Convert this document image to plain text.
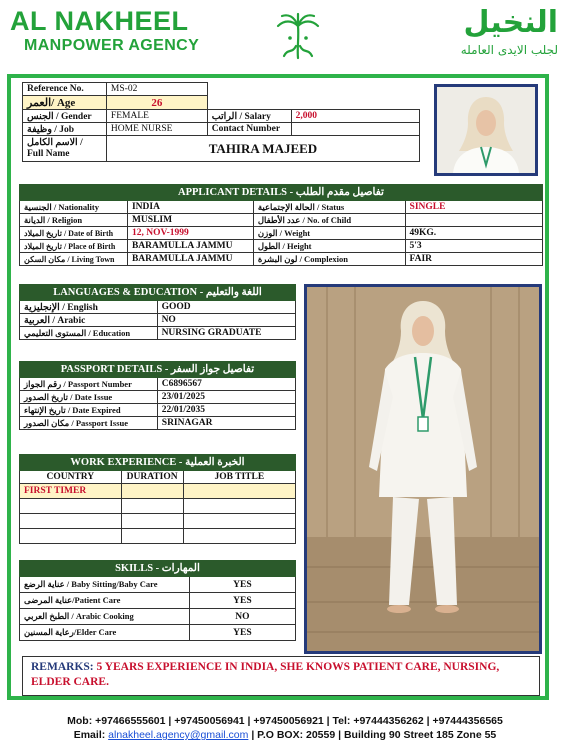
AL NAKHEEL
MANPOWER AGENCY
النخيل
لجلب الايدى العامله
Reference No.	MS-02		
العمر/ Age	26		
الجنس / Gender	FEMALE	الراتب / Salary	2,000
وظيفة / Job	HOME NURSE	Contact Number	
الاسم الكامل /
Full Name	TAHIRA MAJEED		
APPLICANT DETAILS - تفاصيل مقدم الطلب			
الجنسية / Nationality	INDIA	الحالة الإجتماعية / Status	SINGLE
الديانة / Religion	MUSLIM	عدد الأطفال / No. of Child	
تاريخ الميلاد / Date of Birth	12, NOV-1999	الوزن / Weight	49KG.
تاريخ الميلاد / Place of Birth	BARAMULLA JAMMU	الطول / Height	5'3
مكان السكن / Living Town	BARAMULLA JAMMU	لون البشرة / Complexion	FAIR
LANGUAGES & EDUCATION - اللغة والتعليم	
الإنجليزية / English	GOOD
العربية / Arabic	NO
المستوى التعليمي / Education	NURSING GRADUATE
PASSPORT DETAILS - تفاصيل جواز السفر	
رقم الجواز / Passport Number	C6896567
تاريخ الصدور / Date Issue	23/01/2025
تاريخ الإنتهاء / Date Expired	22/01/2035
مكان الصدور / Passport Issue	SRINAGAR
WORK EXPERIENCE - الخبرة العملية		
COUNTRY	DURATION	JOB TITLE
FIRST TIMER		

SKILLS - المهارات	
عناية الرضع / Baby Sitting/Baby Care	YES
عناية المرضى/Patient Care	YES
الطبخ العربي / Arabic Cooking	NO
رعاية المسنين/Elder Care	YES
REMARKS: 5 YEARS EXPERIENCE IN INDIA, SHE KNOWS PATIENT CARE, NURSING, ELDER CARE.
Mob: +97466555601 | +97450056941 | +97450056921 | Tel: +97444356262 | +97444356565
Email: alnakheel.agency@gmail.com | P.O BOX: 20559 | Building 90 Street 185 Zone 55
